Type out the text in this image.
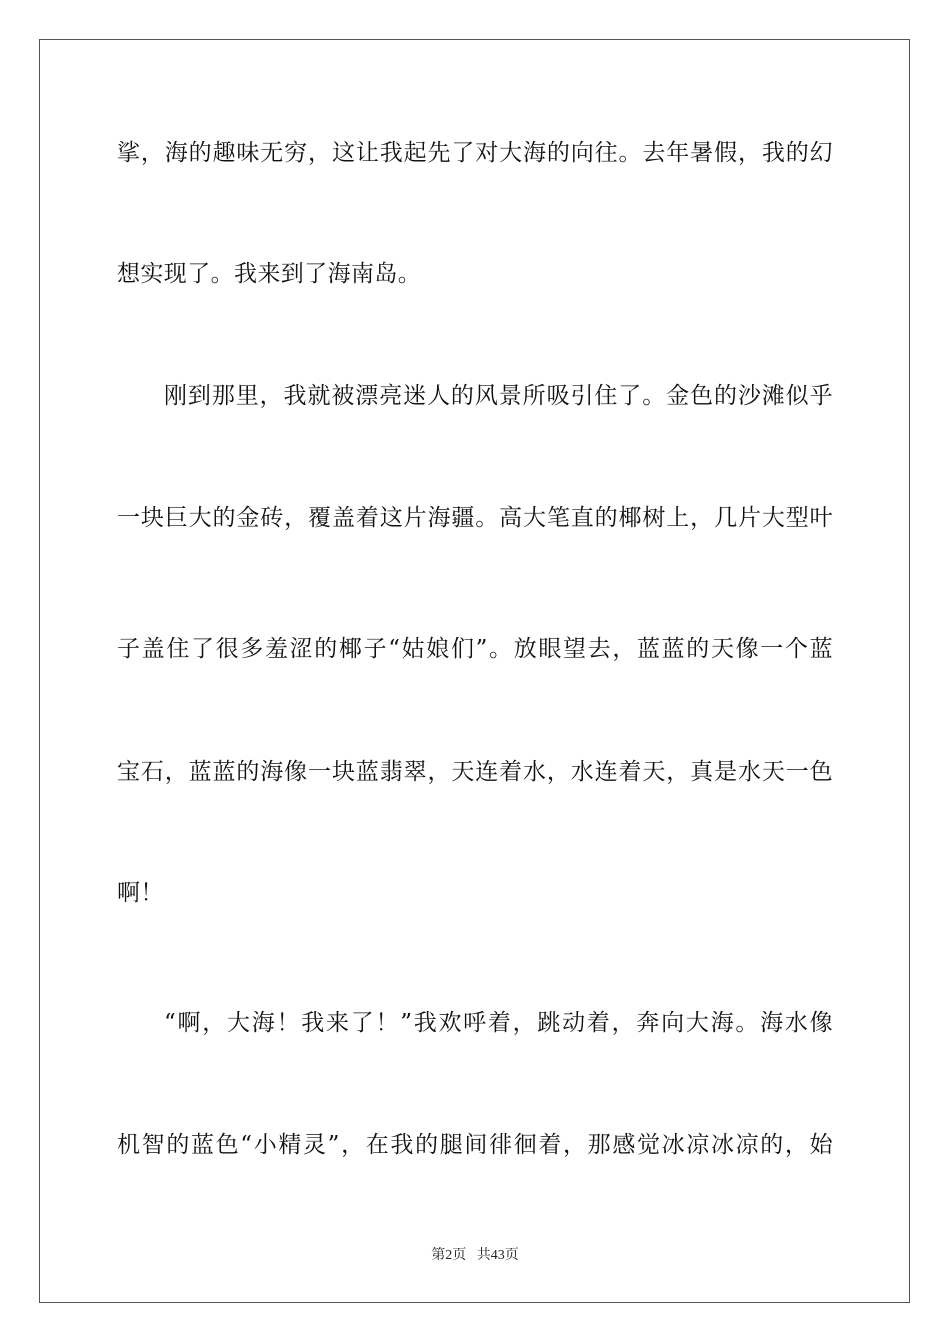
挲，海的趣味无穷，这让我起先了对大海的向往。去年暑假，我的幻
想实现了。我来到了海南岛。
刚到那里，我就被漂亮迷人的风景所吸引住了。金色的沙滩似乎
一块巨大的金砖，覆盖着这片海疆。高大笔直的椰树上，几片大型叶
子盖住了很多羞涩的椰子“姑娘们”。放眼望去，蓝蓝的天像一个蓝
宝石，蓝蓝的海像一块蓝翡翠，天连着水，水连着天，真是水天一色
啊！
“啊，大海！我来了！”我欢呼着，跳动着，奔向大海。海水像
机智的蓝色“小精灵”，在我的腿间徘徊着，那感觉冰凉冰凉的，始
第2页 共43页
